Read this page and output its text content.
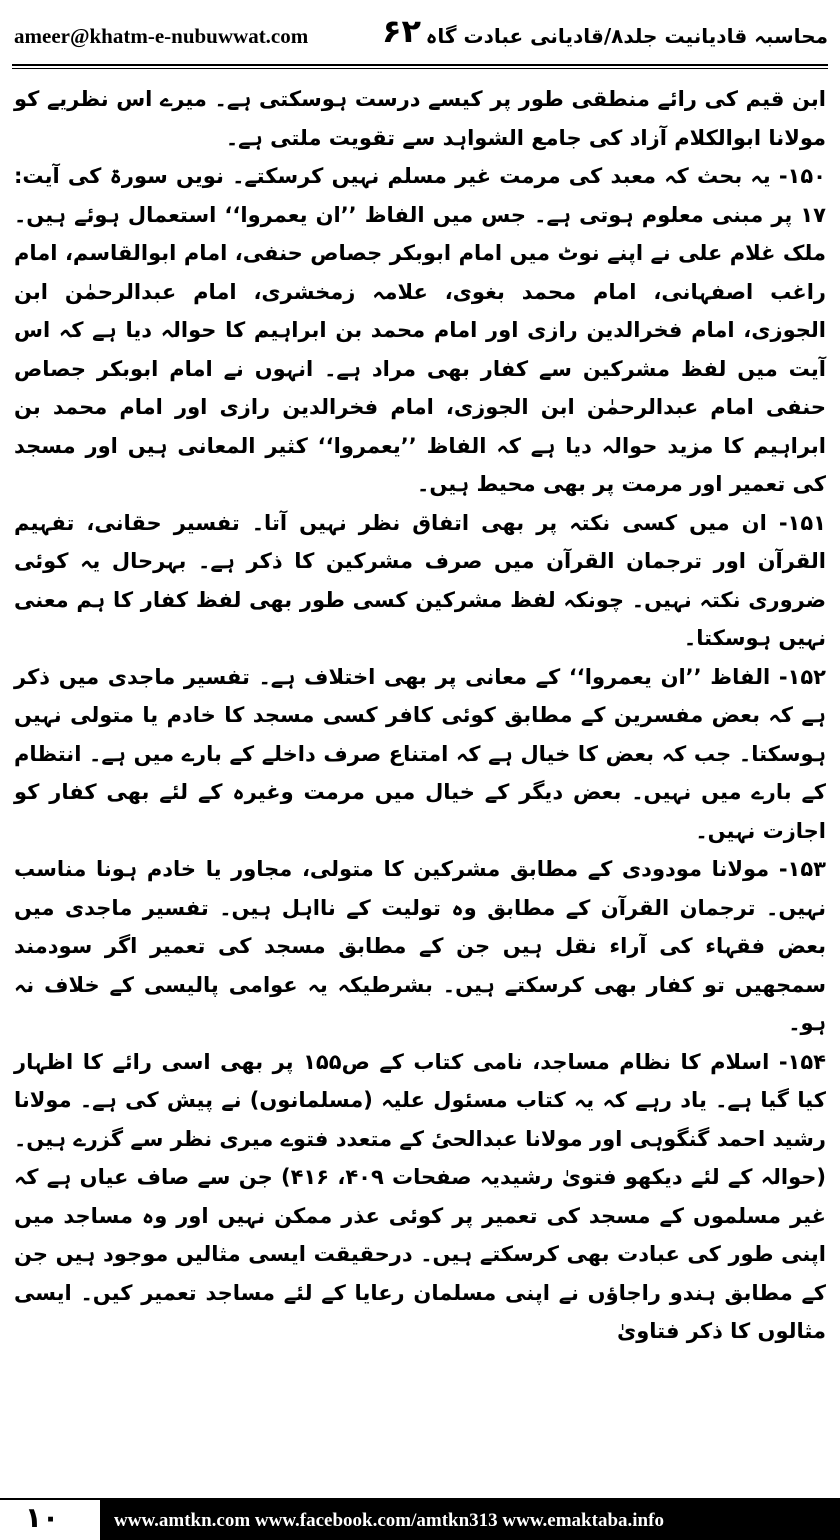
ameer@khatm-e-nubuwwat.com ۶۲ محاسبہ قادیانیت جلد۸/قادیانی عبادت گاہ

ابن قیم کی رائے منطقی طور پر کیسے درست ہوسکتی ہے۔ میرے اس نظریے کو مولانا ابوالکلام آزاد کی جامع الشواہد سے تقویت ملتی ہے۔

۱۵۰- یہ بحث کہ معبد کی مرمت غیر مسلم نہیں کرسکتے۔ نویں سورۃ کی آیت: ۱۷ پر مبنی معلوم ہوتی ہے۔ جس میں الفاظ ’’ان یعمروا‘‘ استعمال ہوئے ہیں۔ ملک غلام علی نے اپنے نوٹ میں امام ابوبکر جصاص حنفی، امام ابوالقاسم، امام راغب اصفہانی، امام محمد بغوی، علامہ زمخشری، امام عبدالرحمٰن ابن الجوزی، امام فخرالدین رازی اور امام محمد بن ابراہیم کا حوالہ دیا ہے کہ اس آیت میں لفظ مشرکین سے کفار بھی مراد ہے۔ انہوں نے امام ابوبکر جصاص حنفی امام عبدالرحمٰن ابن الجوزی، امام فخرالدین رازی اور امام محمد بن ابراہیم کا مزید حوالہ دیا ہے کہ الفاظ ’’یعمروا‘‘ کثیر المعانی ہیں اور مسجد کی تعمیر اور مرمت پر بھی محیط ہیں۔

۱۵۱- ان میں کسی نکتہ پر بھی اتفاق نظر نہیں آتا۔ تفسیر حقانی، تفہیم القرآن اور ترجمان القرآن میں صرف مشرکین کا ذکر ہے۔ بہرحال یہ کوئی ضروری نکتہ نہیں۔ چونکہ لفظ مشرکین کسی طور بھی لفظ کفار کا ہم معنی نہیں ہوسکتا۔

۱۵۲- الفاظ ’’ان یعمروا‘‘ کے معانی پر بھی اختلاف ہے۔ تفسیر ماجدی میں ذکر ہے کہ بعض مفسرین کے مطابق کوئی کافر کسی مسجد کا خادم یا متولی نہیں ہوسکتا۔ جب کہ بعض کا خیال ہے کہ امتناع صرف داخلے کے بارے میں ہے۔ انتظام کے بارے میں نہیں۔ بعض دیگر کے خیال میں مرمت وغیرہ کے لئے بھی کفار کو اجازت نہیں۔

۱۵۳- مولانا مودودی کے مطابق مشرکین کا متولی، مجاور یا خادم ہونا مناسب نہیں۔ ترجمان القرآن کے مطابق وہ تولیت کے نااہل ہیں۔ تفسیر ماجدی میں بعض فقہاء کی آراء نقل ہیں جن کے مطابق مسجد کی تعمیر اگر سودمند سمجھیں تو کفار بھی کرسکتے ہیں۔ بشرطیکہ یہ عوامی پالیسی کے خلاف نہ ہو۔

۱۵۴- اسلام کا نظام مساجد، نامی کتاب کے ص۱۵۵ پر بھی اسی رائے کا اظہار کیا گیا ہے۔ یاد رہے کہ یہ کتاب مسئول علیہ (مسلمانوں) نے پیش کی ہے۔ مولانا رشید احمد گنگوہی اور مولانا عبدالحیٔ کے متعدد فتوے میری نظر سے گزرے ہیں۔ (حوالہ کے لئے دیکھو فتویٰ رشیدیہ صفحات ۴۰۹، ۴۱۶) جن سے صاف عیاں ہے کہ غیر مسلموں کے مسجد کی تعمیر پر کوئی عذر ممکن نہیں اور وہ مساجد میں اپنی طور کی عبادت بھی کرسکتے ہیں۔ درحقیقت ایسی مثالیں موجود ہیں جن کے مطابق ہندو راجاؤں نے اپنی مسلمان رعایا کے لئے مساجد تعمیر کیں۔ ایسی مثالوں کا ذکر فتاویٰ

۱۰	www.amtkn.com www.facebook.com/amtkn313 www.emaktaba.info
